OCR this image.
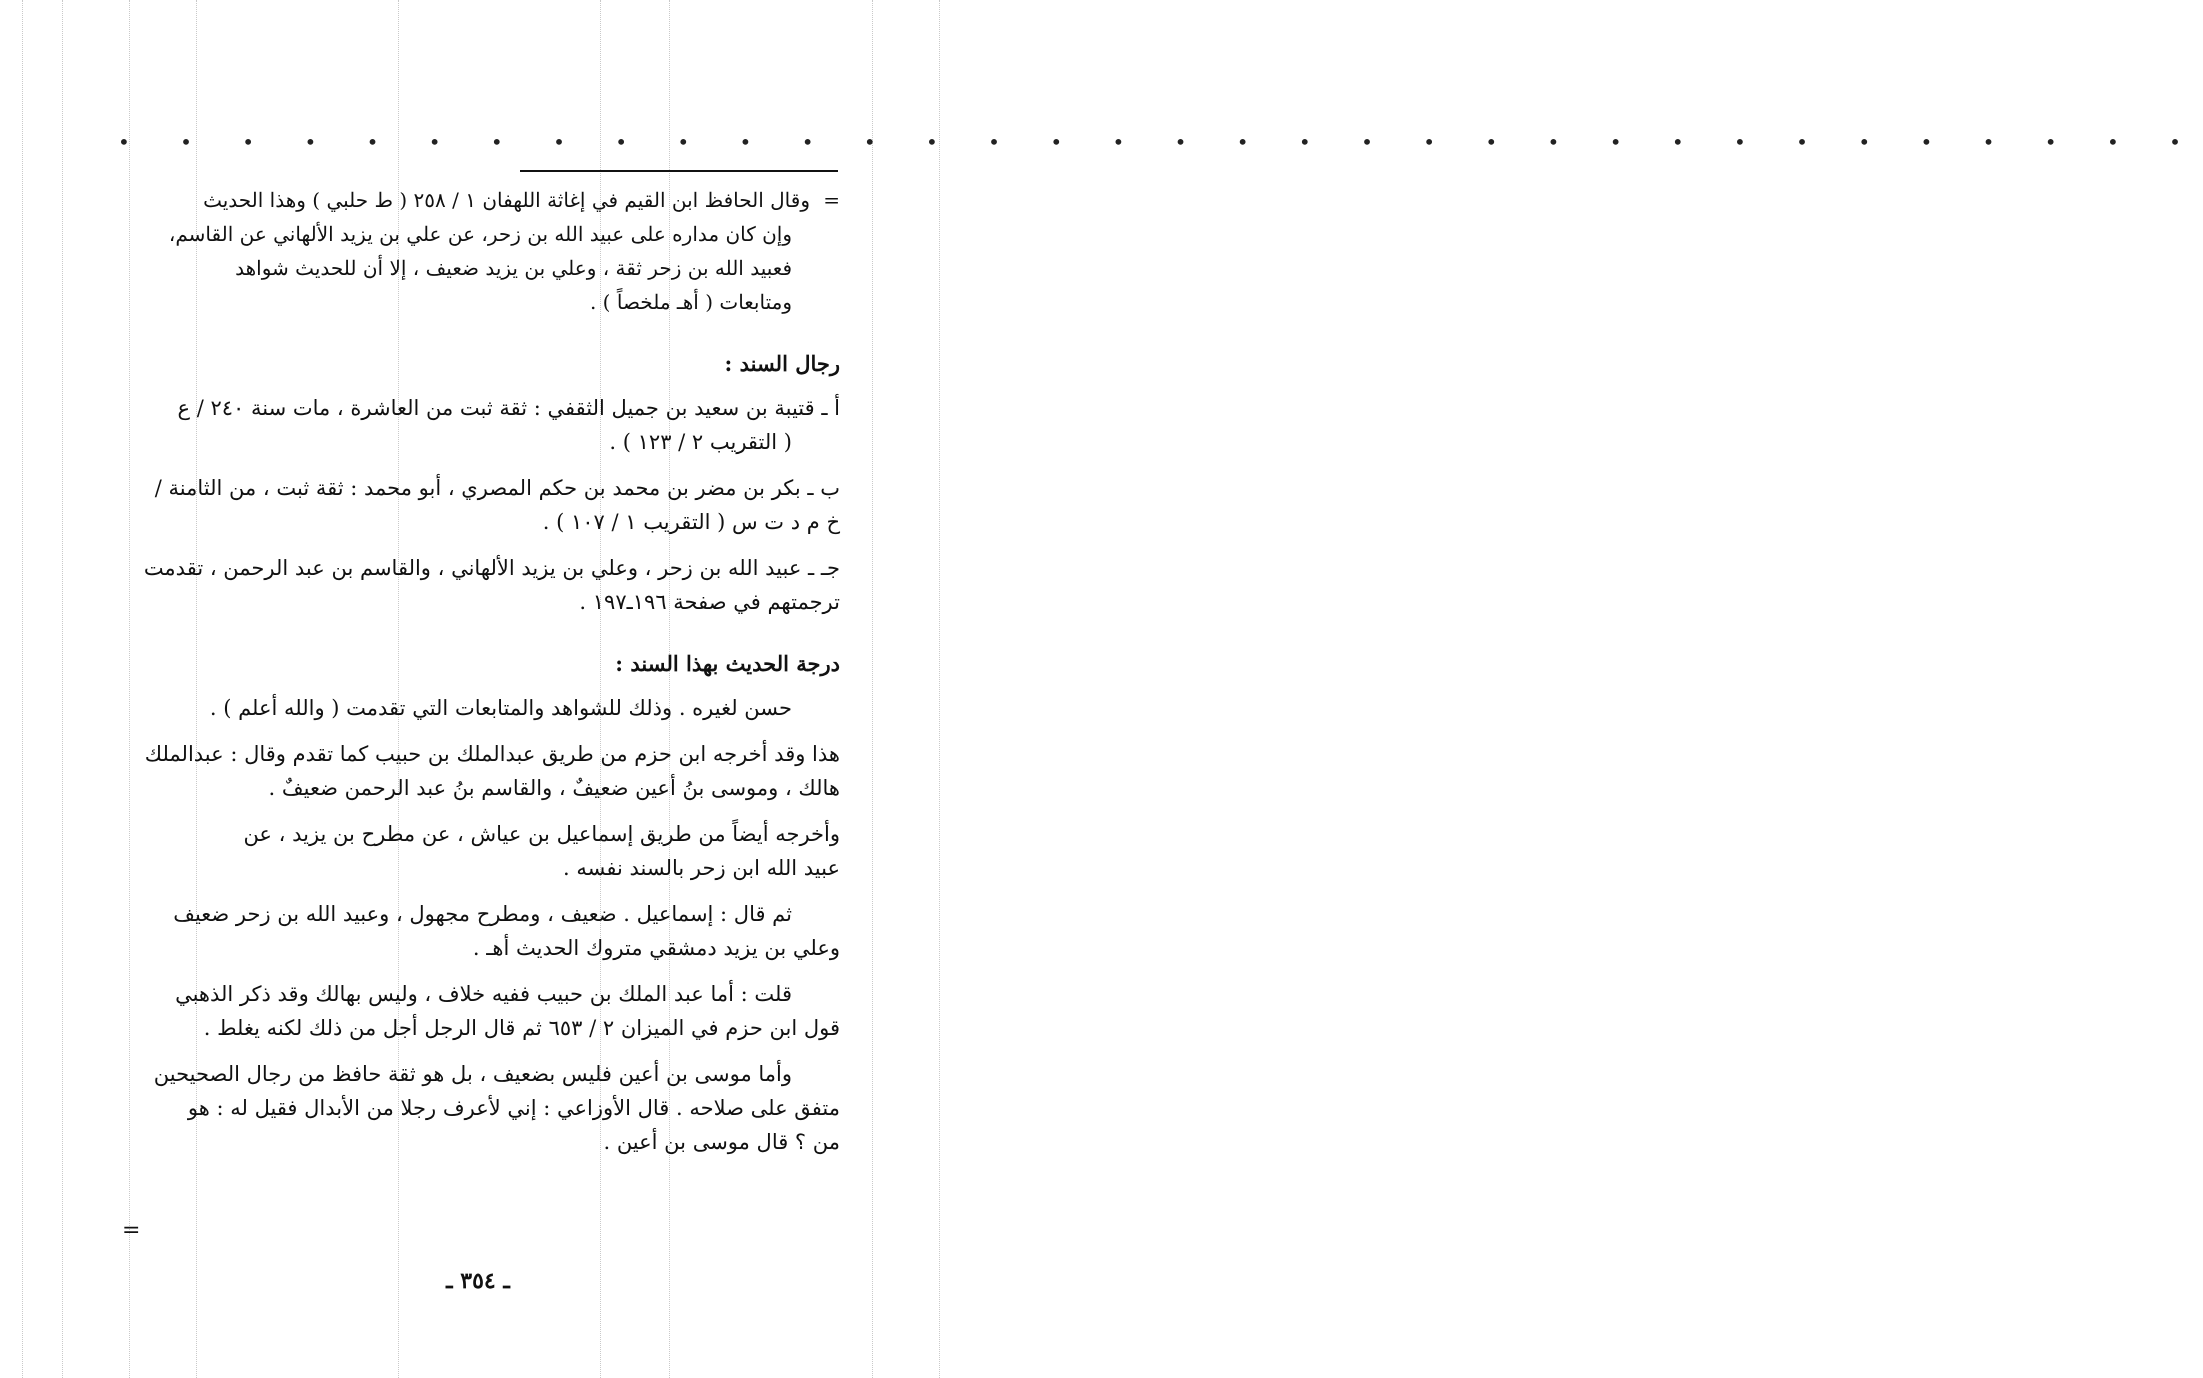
• • • • • • • • • • • • • • • • • • • • • • • • • • • • • • • • • •
=وقال الحافظ ابن القيم في إغاثة اللهفان ١ / ٢٥٨ ( ط حلبي ) وهذا الحديث
وإن كان مداره على عبيد الله بن زحر، عن علي بن يزيد الألهاني عن القاسم،
فعبيد الله بن زحر ثقة ، وعلي بن يزيد ضعيف ، إلا أن للحديث شواهد
ومتابعات ( أهـ ملخصاً ) .
رجال السند :
أ ـ قتيبة بن سعيد بن جميل الثقفي : ثقة ثبت من العاشرة ، مات سنة ٢٤٠ / ع
( التقريب ٢ / ١٢٣ ) .
ب ـ بكر بن مضر بن محمد بن حكم المصري ، أبو محمد : ثقة ثبت ، من الثامنة /
خ م د ت س ( التقريب ١ / ١٠٧ ) .
جـ ـ عبيد الله بن زحر ، وعلي بن يزيد الألهاني ، والقاسم بن عبد الرحمن ، تقدمت
ترجمتهم في صفحة ١٩٦ـ١٩٧ .
درجة الحديث بهذا السند :
حسن لغيره . وذلك للشواهد والمتابعات التي تقدمت ( والله أعلم ) .
هذا وقد أخرجه ابن حزم من طريق عبدالملك بن حبيب كما تقدم وقال : عبدالملك
هالك ، وموسى بنُ أعين ضعيفٌ ، والقاسم بنُ عبد الرحمن ضعيفٌ .
وأخرجه أيضاً من طريق إسماعيل بن عياش ، عن مطرح بن يزيد ، عن
عبيد الله ابن زحر بالسند نفسه .
ثم قال : إسماعيل . ضعيف ، ومطرح مجهول ، وعبيد الله بن زحر ضعيف
وعلي بن يزيد دمشقي متروك الحديث أهـ .
قلت : أما عبد الملك بن حبيب ففيه خلاف ، وليس بهالك وقد ذكر الذهبي
قول ابن حزم في الميزان ٢ / ٦٥٣ ثم قال الرجل أجل من ذلك لكنه يغلط .
وأما موسى بن أعين فليس بضعيف ، بل هو ثقة حافظ من رجال الصحيحين
متفق على صلاحه . قال الأوزاعي : إني لأعرف رجلا من الأبدال فقيل له : هو
من ؟ قال موسى بن أعين .
=
ـ ٣٥٤ ـ
